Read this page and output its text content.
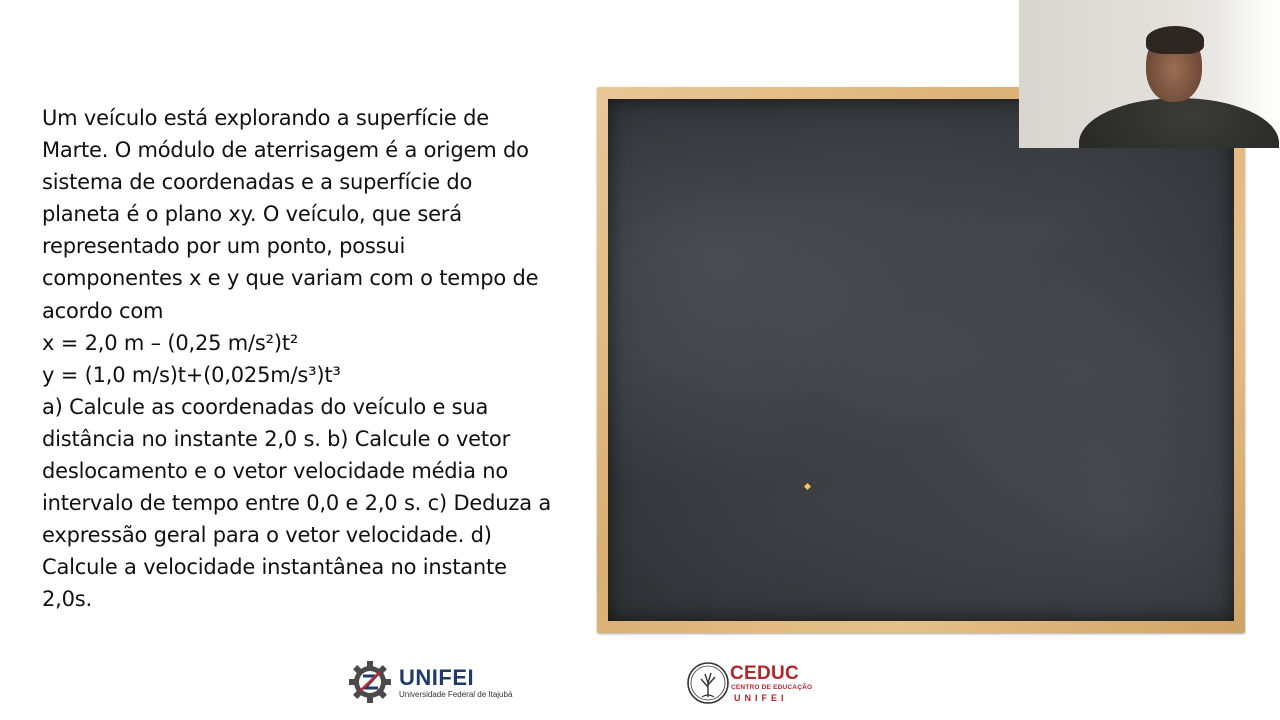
Um veículo está explorando a superfície de
Marte. O módulo de aterrisagem é a origem do
sistema de coordenadas e a superfície do
planeta é o plano xy. O veículo, que será
representado por um ponto, possui
componentes x e y que variam com o tempo de
acordo com
x = 2,0 m – (0,25 m/s²)t²
y = (1,0 m/s)t+(0,025m/s³)t³
a) Calcule as coordenadas do veículo e sua
distância no instante 2,0 s. b) Calcule o vetor
deslocamento e o vetor velocidade média no
intervalo de tempo entre 0,0 e 2,0 s. c) Deduza a
expressão geral para o vetor velocidade. d)
Calcule a velocidade instantânea no instante
2,0s.
UNIFEI
Universidade Federal de Itajubá
CEDUC
CENTRO DE EDUCAÇÃO
UNIFEI
